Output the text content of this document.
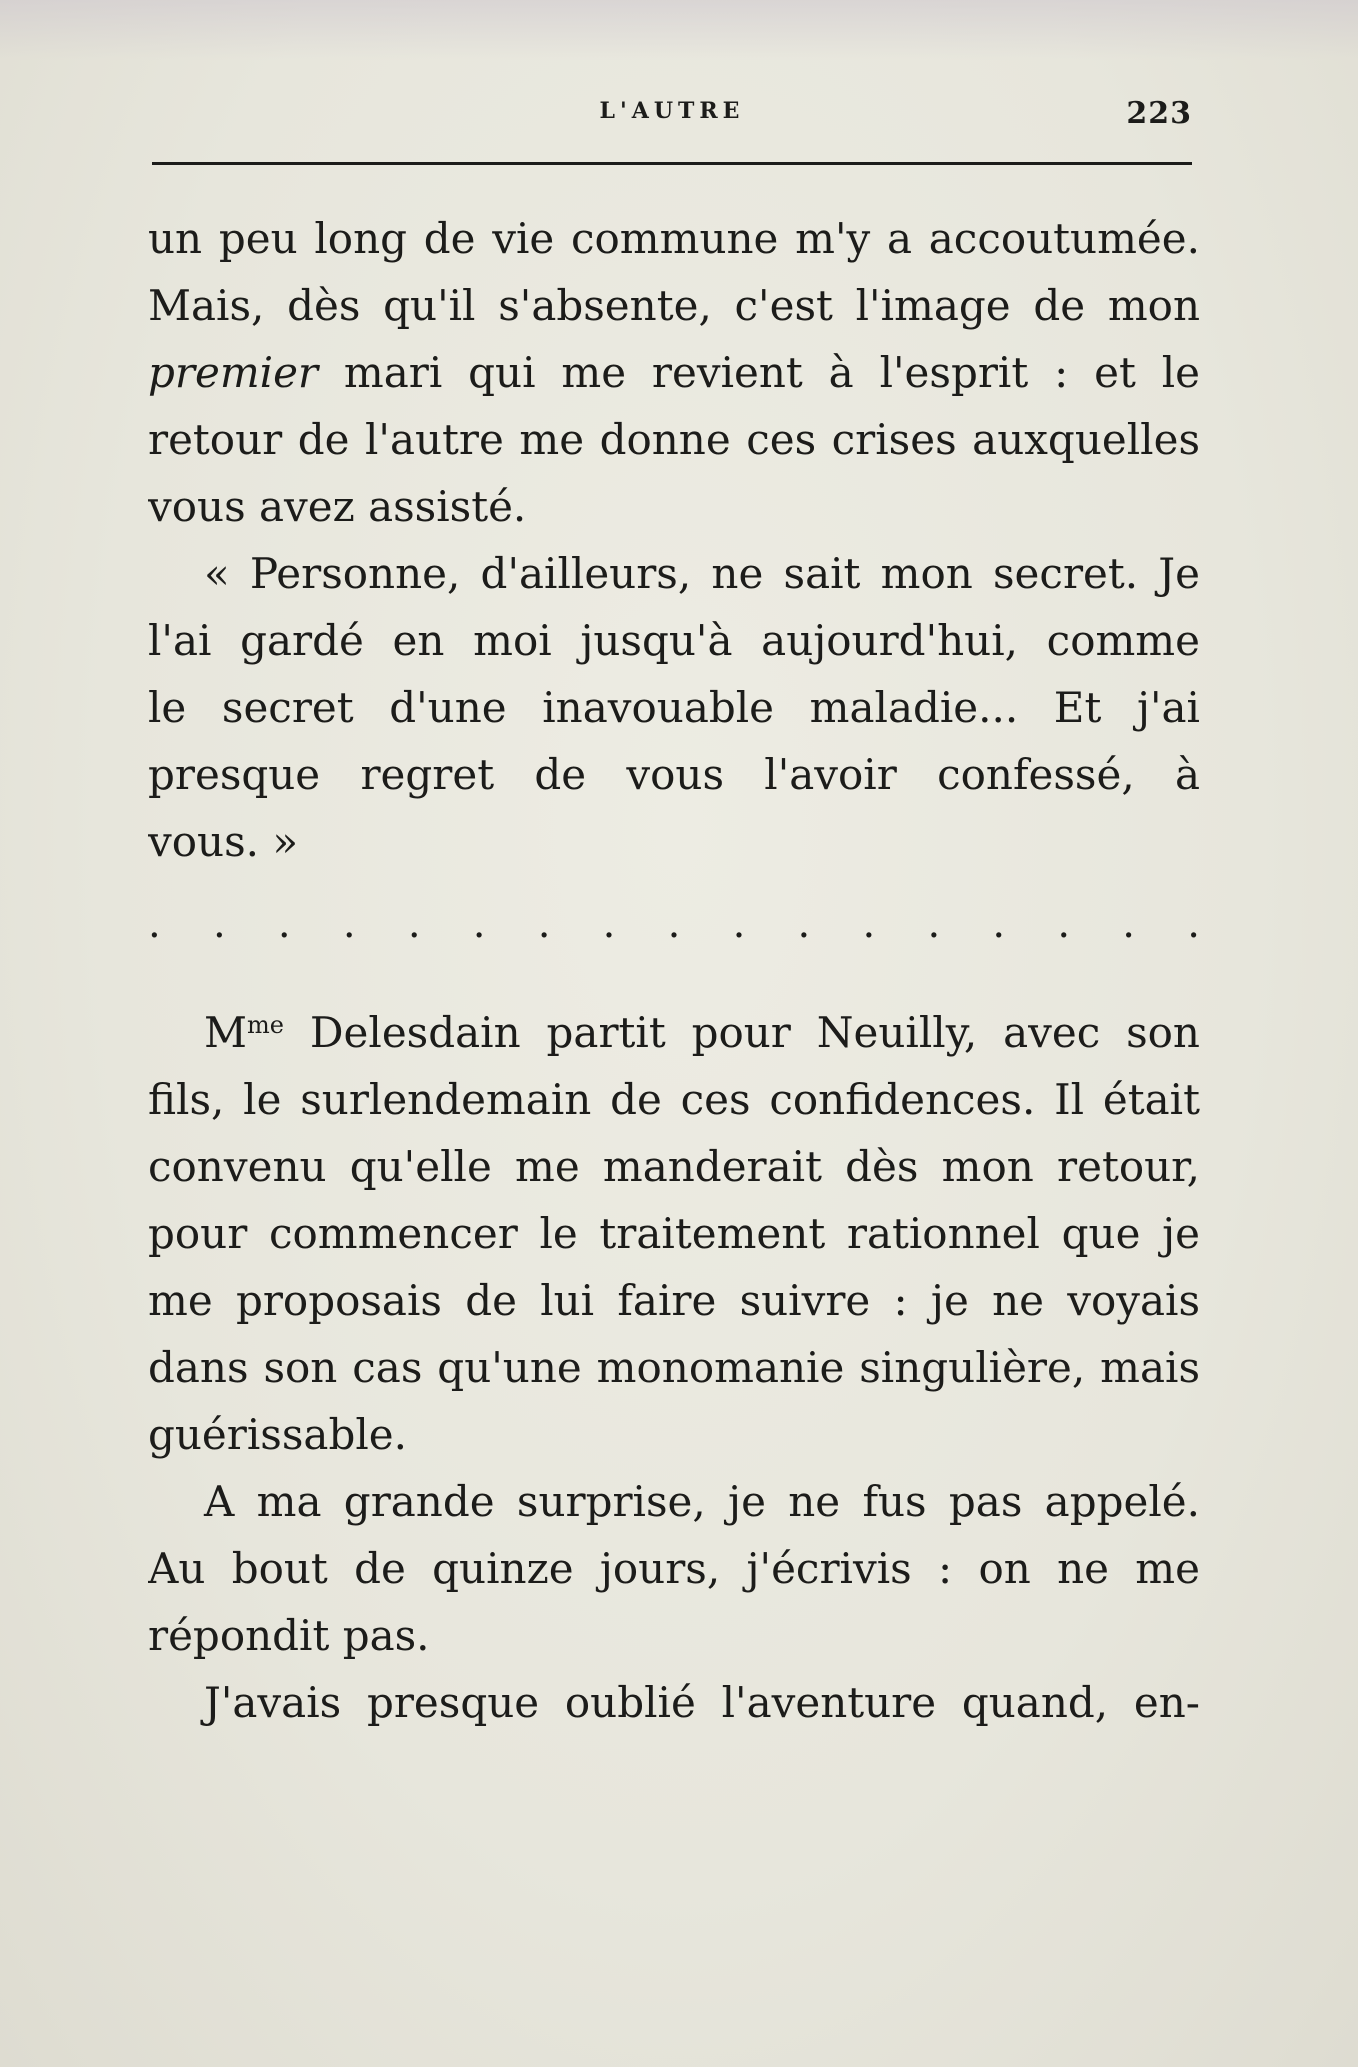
L'AUTRE	223
un peu long de vie commune m'y a accoutumée.
Mais, dès qu'il s'absente, c'est l'image de mon
premier mari qui me revient à l'esprit : et le
retour de l'autre me donne ces crises auxquelles
vous avez assisté.
« Personne, d'ailleurs, ne sait mon secret. Je
l'ai gardé en moi jusqu'à aujourd'hui, comme
le secret d'une inavouable maladie... Et j'ai
presque regret de vous l'avoir confessé, à
vous. »
. . . . . . . . . . . . . . . . .
$M^{me}$ Delesdain partit pour Neuilly, avec son
fils, le surlendemain de ces confidences. Il était
convenu qu'elle me manderait dès mon retour,
pour commencer le traitement rationnel que je
me proposais de lui faire suivre : je ne voyais
dans son cas qu'une monomanie singulière, mais
guérissable.
A ma grande surprise, je ne fus pas appelé.
Au bout de quinze jours, j'écrivis : on ne me
répondit pas.
J'avais presque oublié l'aventure quand, en-
